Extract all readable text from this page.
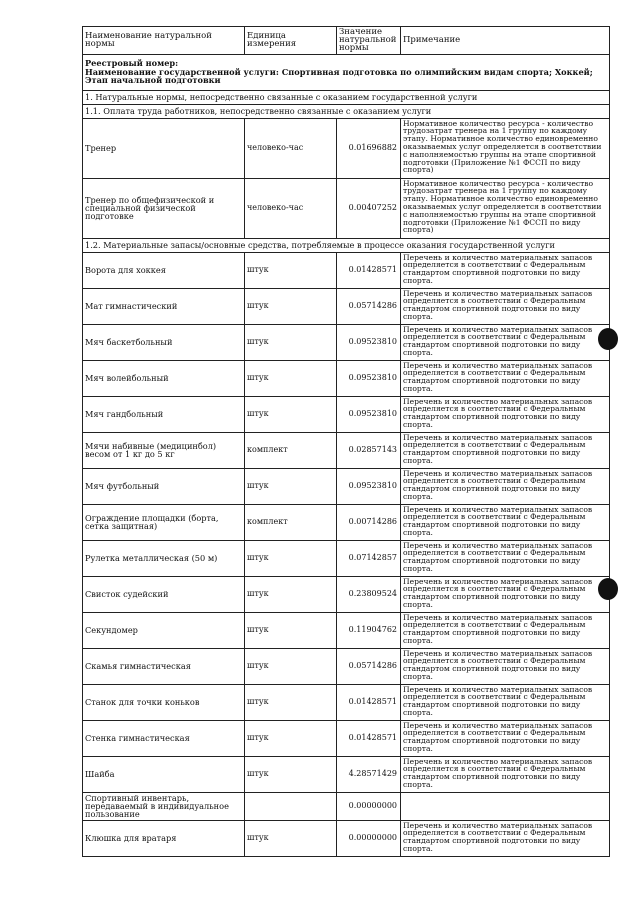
Наименование натуральной нормы	Единица измерения	Значение натуральной нормы	Примечание

Реестровый номер:
Наименование государственной услуги: Спортивная подготовка по олимпийским видам спорта; Хоккей; Этап начальной подготовки			

1. Натуральные нормы, непосредственно связанные с оказанием государственной услуги			
1.1. Оплата труда работников, непосредственно связанные с оказанием услуги			
Тренер	человеко-час	0.01696882	Нормативное количество ресурса - количество трудозатрат тренера на 1 группу по каждому этапу. Нормативное количество единовременно оказываемых услуг определяется в соответствии с наполняемостью группы на этапе спортивной подготовки (Приложение №1 ФССП по виду спорта)
Тренер по общефизической и специальной физической подготовке	человеко-час	0.00407252	Нормативное количество ресурса - количество трудозатрат тренера на 1 группу по каждому этапу. Нормативное количество единовременно оказываемых услуг определяется в соответствии с наполняемостью группы на этапе спортивной подготовки (Приложение №1 ФССП по виду спорта)
1.2. Материальные запасы/основные средства, потребляемые в процессе оказания государственной услуги			
Ворота для хоккея	штук	0.01428571	Перечень и количество материальных запасов определяется в соответствии с Федеральным стандартом спортивной подготовки по виду спорта.
Мат гимнастический	штук	0.05714286	Перечень и количество материальных запасов определяется в соответствии с Федеральным стандартом спортивной подготовки по виду спорта.
Мяч баскетбольный	штук	0.09523810	Перечень и количество материальных запасов определяется в соответствии с Федеральным стандартом спортивной подготовки по виду спорта.
Мяч волейбольный	штук	0.09523810	Перечень и количество материальных запасов определяется в соответствии с Федеральным стандартом спортивной подготовки по виду спорта.
Мяч гандбольный	штук	0.09523810	Перечень и количество материальных запасов определяется в соответствии с Федеральным стандартом спортивной подготовки по виду спорта.
Мячи набивные (медицинбол) весом от 1 кг до 5 кг	комплект	0.02857143	Перечень и количество материальных запасов определяется в соответствии с Федеральным стандартом спортивной подготовки по виду спорта.
Мяч футбольный	штук	0.09523810	Перечень и количество материальных запасов определяется в соответствии с Федеральным стандартом спортивной подготовки по виду спорта.
Ограждение площадки (борта, сетка защитная)	комплект	0.00714286	Перечень и количество материальных запасов определяется в соответствии с Федеральным стандартом спортивной подготовки по виду спорта.
Рулетка металлическая (50 м)	штук	0.07142857	Перечень и количество материальных запасов определяется в соответствии с Федеральным стандартом спортивной подготовки по виду спорта.
Свисток судейский	штук	0.23809524	Перечень и количество материальных запасов определяется в соответствии с Федеральным стандартом спортивной подготовки по виду спорта.
Секундомер	штук	0.11904762	Перечень и количество материальных запасов определяется в соответствии с Федеральным стандартом спортивной подготовки по виду спорта.
Скамья гимнастическая	штук	0.05714286	Перечень и количество материальных запасов определяется в соответствии с Федеральным стандартом спортивной подготовки по виду спорта.
Станок для точки коньков	штук	0.01428571	Перечень и количество материальных запасов определяется в соответствии с Федеральным стандартом спортивной подготовки по виду спорта.
Стенка гимнастическая	штук	0.01428571	Перечень и количество материальных запасов определяется в соответствии с Федеральным стандартом спортивной подготовки по виду спорта.
Шайба	штук	4.28571429	Перечень и количество материальных запасов определяется в соответствии с Федеральным стандартом спортивной подготовки по виду спорта.
Спортивный инвентарь, передаваемый в индивидуальное пользование		0.00000000	
Клюшка для вратаря	штук	0.00000000	Перечень и количество материальных запасов определяется в соответствии с Федеральным стандартом спортивной подготовки по виду спорта.
